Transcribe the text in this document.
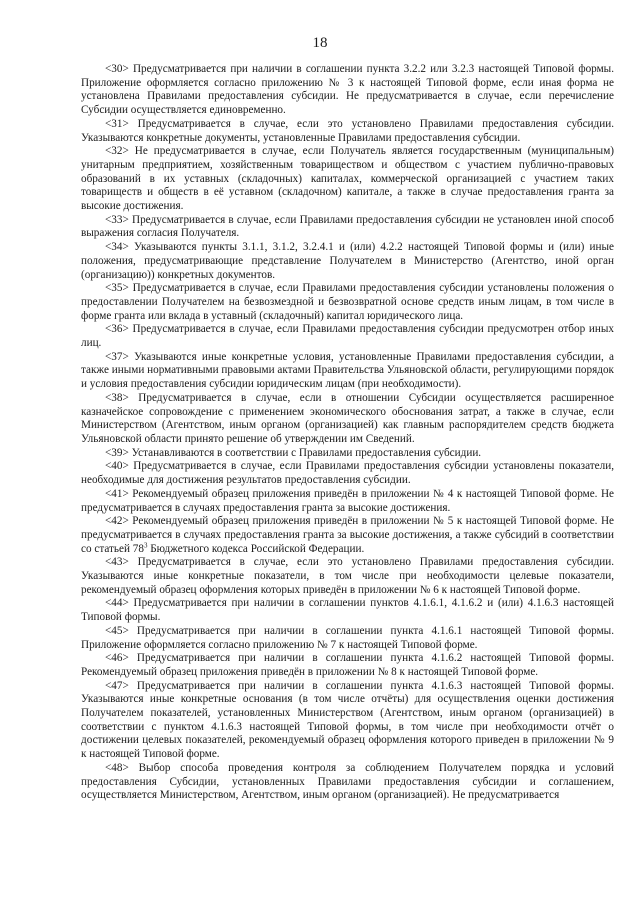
18

<30> Предусматривается при наличии в соглашении пункта 3.2.2 или 3.2.3 настоящей Типовой формы. Приложение оформляется согласно приложению № 3 к настоящей Типовой форме, если иная форма не установлена Правилами предоставления субсидии. Не предусматривается в случае, если перечисление Субсидии осуществляется единовременно.

<31> Предусматривается в случае, если это установлено Правилами предоставления субсидии. Указываются конкретные документы, установленные Правилами предоставления субсидии.

<32> Не предусматривается в случае, если Получатель является государственным (муниципальным) унитарным предприятием, хозяйственным товариществом и обществом с участием публично-правовых образований в их уставных (складочных) капиталах, коммерческой организацией с участием таких товариществ и обществ в её уставном (складочном) капитале, а также в случае предоставления гранта за высокие достижения.

<33> Предусматривается в случае, если Правилами предоставления субсидии не установлен иной способ выражения согласия Получателя.

<34> Указываются пункты 3.1.1, 3.1.2, 3.2.4.1 и (или) 4.2.2 настоящей Типовой формы и (или) иные положения, предусматривающие представление Получателем в Министерство (Агентство, иной орган (организацию)) конкретных документов.

<35> Предусматривается в случае, если Правилами предоставления субсидии установлены положения о предоставлении Получателем на безвозмездной и безвозвратной основе средств иным лицам, в том числе в форме гранта или вклада в уставный (складочный) капитал юридического лица.

<36> Предусматривается в случае, если Правилами предоставления субсидии предусмотрен отбор иных лиц.

<37> Указываются иные конкретные условия, установленные Правилами предоставления субсидии, а также иными нормативными правовыми актами Правительства Ульяновской области, регулирующими порядок и условия предоставления субсидии юридическим лицам (при необходимости).

<38> Предусматривается в случае, если в отношении Субсидии осуществляется расширенное казначейское сопровождение с применением экономического обоснования затрат, а также в случае, если Министерством (Агентством, иным органом (организацией) как главным распорядителем средств бюджета Ульяновской области принято решение об утверждении им Сведений.

<39> Устанавливаются в соответствии с Правилами предоставления субсидии.

<40> Предусматривается в случае, если Правилами предоставления субсидии установлены показатели, необходимые для достижения результатов предоставления субсидии.

<41> Рекомендуемый образец приложения приведён в приложении № 4 к настоящей Типовой форме. Не предусматривается в случаях предоставления гранта за высокие достижения.

<42> Рекомендуемый образец приложения приведён в приложении № 5 к настоящей Типовой форме. Не предусматривается в случаях предоставления гранта за высокие достижения, а также субсидий в соответствии со статьей $78^3$ Бюджетного кодекса Российской Федерации.

<43> Предусматривается в случае, если это установлено Правилами предоставления субсидии. Указываются иные конкретные показатели, в том числе при необходимости целевые показатели, рекомендуемый образец оформления которых приведён в приложении № 6 к настоящей Типовой форме.

<44> Предусматривается при наличии в соглашении пунктов 4.1.6.1, 4.1.6.2 и (или) 4.1.6.3 настоящей Типовой формы.

<45> Предусматривается при наличии в соглашении пункта 4.1.6.1 настоящей Типовой формы. Приложение оформляется согласно приложению № 7 к настоящей Типовой форме.

<46> Предусматривается при наличии в соглашении пункта 4.1.6.2 настоящей Типовой формы. Рекомендуемый образец приложения приведён в приложении № 8 к настоящей Типовой форме.

<47> Предусматривается при наличии в соглашении пункта 4.1.6.3 настоящей Типовой формы. Указываются иные конкретные основания (в том числе отчёты) для осуществления оценки достижения Получателем показателей, установленных Министерством (Агентством, иным органом (организацией) в соответствии с пунктом 4.1.6.3 настоящей Типовой формы, в том числе при необходимости отчёт о достижении целевых показателей, рекомендуемый образец оформления которого приведен в приложении № 9 к настоящей Типовой форме.

<48> Выбор способа проведения контроля за соблюдением Получателем порядка и условий предоставления Субсидии, установленных Правилами предоставления субсидии и соглашением, осуществляется Министерством, Агентством, иным органом (организацией). Не предусматривается
